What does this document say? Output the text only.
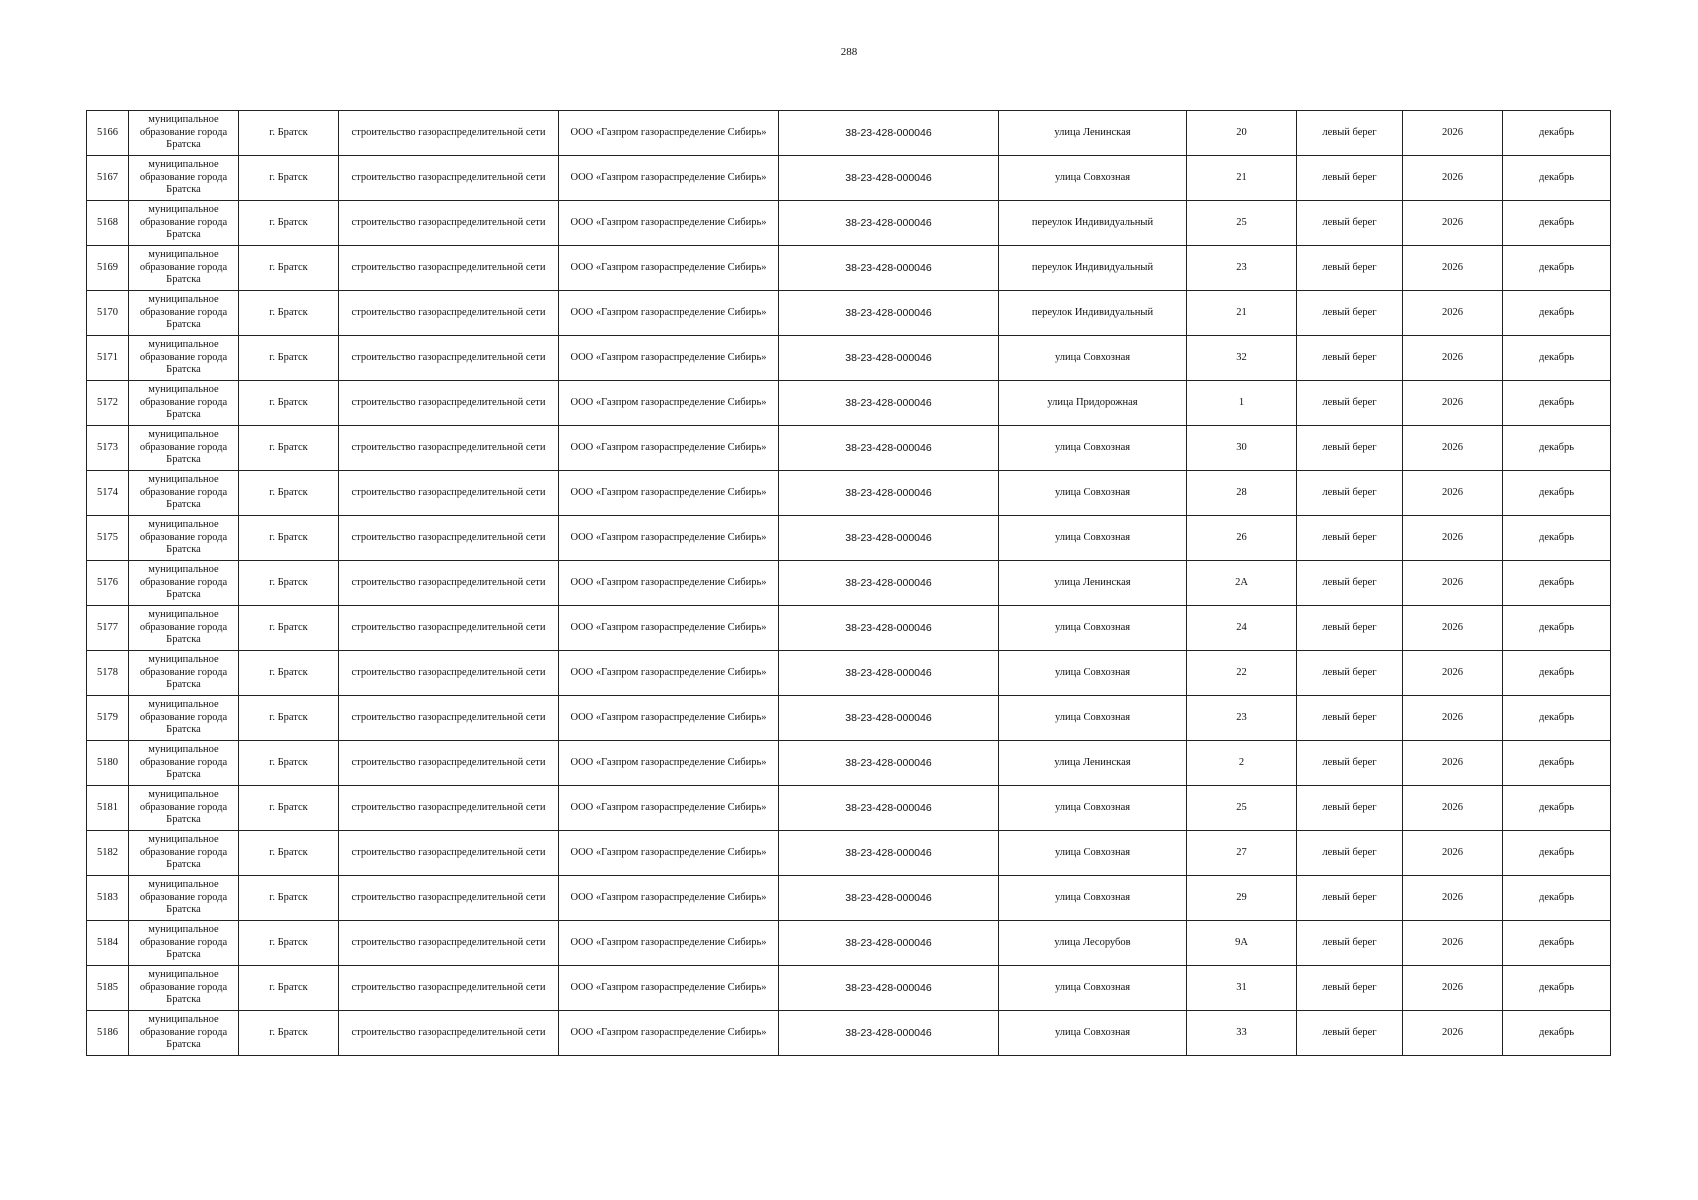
288
5166	муниципальное образование города Братска	г. Братск	строительство газораспределительной сети	ООО «Газпром газораспределение Сибирь»	38-23-428-000046	улица Ленинская	20	левый берег	2026	декабрь
5167	муниципальное образование города Братска	г. Братск	строительство газораспределительной сети	ООО «Газпром газораспределение Сибирь»	38-23-428-000046	улица Совхозная	21	левый берег	2026	декабрь
5168	муниципальное образование города Братска	г. Братск	строительство газораспределительной сети	ООО «Газпром газораспределение Сибирь»	38-23-428-000046	переулок Индивидуальный	25	левый берег	2026	декабрь
5169	муниципальное образование города Братска	г. Братск	строительство газораспределительной сети	ООО «Газпром газораспределение Сибирь»	38-23-428-000046	переулок Индивидуальный	23	левый берег	2026	декабрь
5170	муниципальное образование города Братска	г. Братск	строительство газораспределительной сети	ООО «Газпром газораспределение Сибирь»	38-23-428-000046	переулок Индивидуальный	21	левый берег	2026	декабрь
5171	муниципальное образование города Братска	г. Братск	строительство газораспределительной сети	ООО «Газпром газораспределение Сибирь»	38-23-428-000046	улица Совхозная	32	левый берег	2026	декабрь
5172	муниципальное образование города Братска	г. Братск	строительство газораспределительной сети	ООО «Газпром газораспределение Сибирь»	38-23-428-000046	улица Придорожная	1	левый берег	2026	декабрь
5173	муниципальное образование города Братска	г. Братск	строительство газораспределительной сети	ООО «Газпром газораспределение Сибирь»	38-23-428-000046	улица Совхозная	30	левый берег	2026	декабрь
5174	муниципальное образование города Братска	г. Братск	строительство газораспределительной сети	ООО «Газпром газораспределение Сибирь»	38-23-428-000046	улица Совхозная	28	левый берег	2026	декабрь
5175	муниципальное образование города Братска	г. Братск	строительство газораспределительной сети	ООО «Газпром газораспределение Сибирь»	38-23-428-000046	улица Совхозная	26	левый берег	2026	декабрь
5176	муниципальное образование города Братска	г. Братск	строительство газораспределительной сети	ООО «Газпром газораспределение Сибирь»	38-23-428-000046	улица Ленинская	2А	левый берег	2026	декабрь
5177	муниципальное образование города Братска	г. Братск	строительство газораспределительной сети	ООО «Газпром газораспределение Сибирь»	38-23-428-000046	улица Совхозная	24	левый берег	2026	декабрь
5178	муниципальное образование города Братска	г. Братск	строительство газораспределительной сети	ООО «Газпром газораспределение Сибирь»	38-23-428-000046	улица Совхозная	22	левый берег	2026	декабрь
5179	муниципальное образование города Братска	г. Братск	строительство газораспределительной сети	ООО «Газпром газораспределение Сибирь»	38-23-428-000046	улица Совхозная	23	левый берег	2026	декабрь
5180	муниципальное образование города Братска	г. Братск	строительство газораспределительной сети	ООО «Газпром газораспределение Сибирь»	38-23-428-000046	улица Ленинская	2	левый берег	2026	декабрь
5181	муниципальное образование города Братска	г. Братск	строительство газораспределительной сети	ООО «Газпром газораспределение Сибирь»	38-23-428-000046	улица Совхозная	25	левый берег	2026	декабрь
5182	муниципальное образование города Братска	г. Братск	строительство газораспределительной сети	ООО «Газпром газораспределение Сибирь»	38-23-428-000046	улица Совхозная	27	левый берег	2026	декабрь
5183	муниципальное образование города Братска	г. Братск	строительство газораспределительной сети	ООО «Газпром газораспределение Сибирь»	38-23-428-000046	улица Совхозная	29	левый берег	2026	декабрь
5184	муниципальное образование города Братска	г. Братск	строительство газораспределительной сети	ООО «Газпром газораспределение Сибирь»	38-23-428-000046	улица Лесорубов	9А	левый берег	2026	декабрь
5185	муниципальное образование города Братска	г. Братск	строительство газораспределительной сети	ООО «Газпром газораспределение Сибирь»	38-23-428-000046	улица Совхозная	31	левый берег	2026	декабрь
5186	муниципальное образование города Братска	г. Братск	строительство газораспределительной сети	ООО «Газпром газораспределение Сибирь»	38-23-428-000046	улица Совхозная	33	левый берег	2026	декабрь
